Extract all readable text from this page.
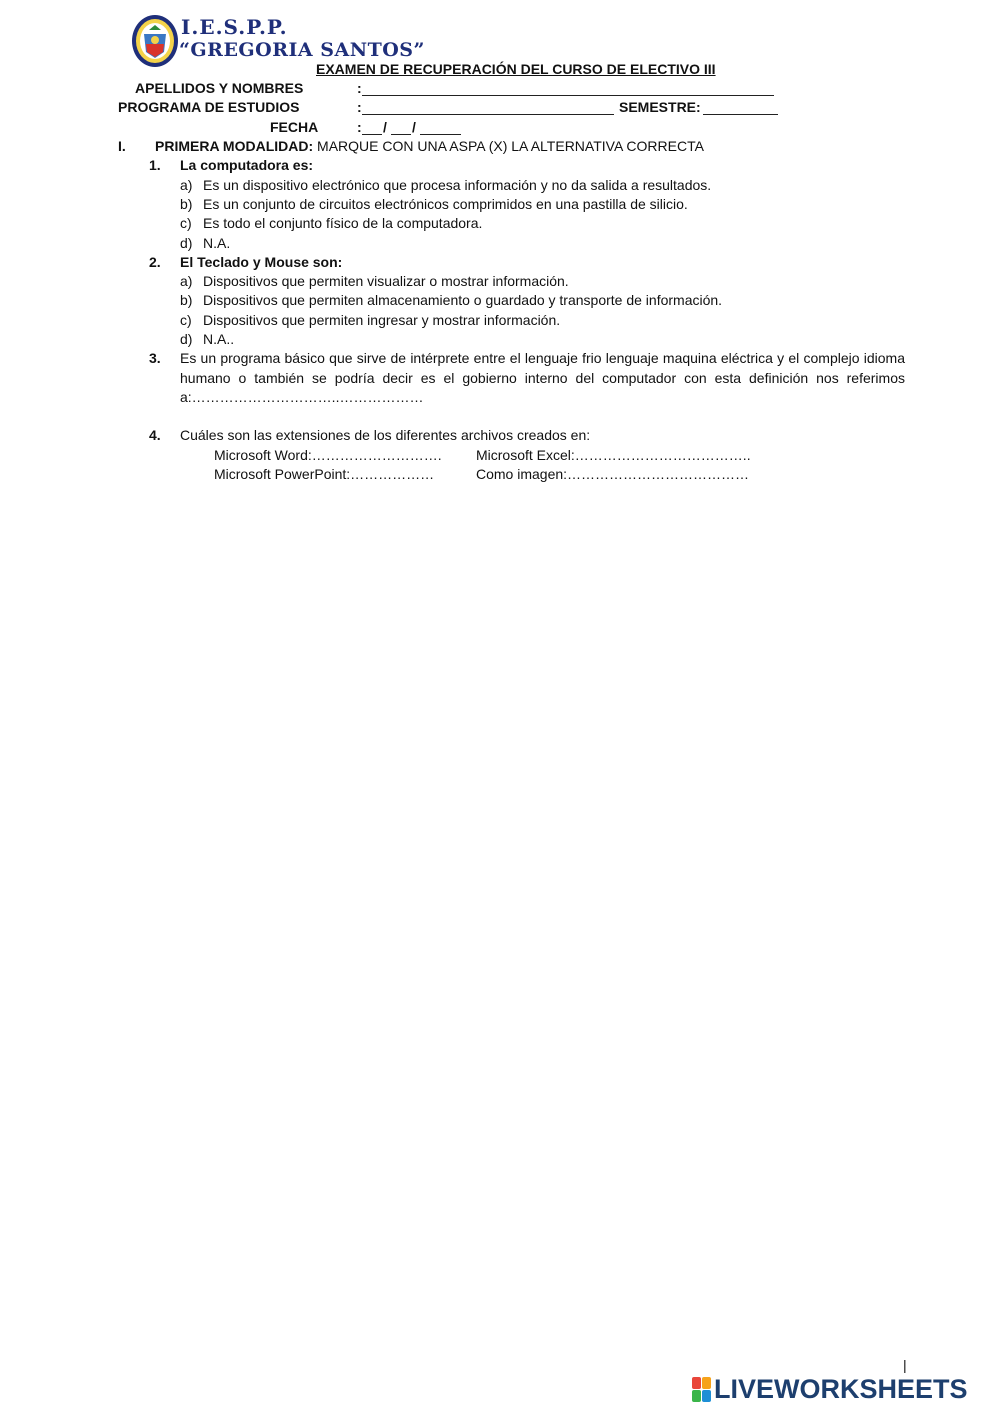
I.E.S.P.P.
“GREGORIA SANTOS”
EXAMEN DE RECUPERACIÓN DEL CURSO DE ELECTIVO III
APELLIDOS Y NOMBRES	:
PROGRAMA DE ESTUDIOS	:	SEMESTRE:
FECHA	: / /
I. PRIMERA MODALIDAD: MARQUE CON UNA ASPA (X) LA ALTERNATIVA CORRECTA
1. La computadora es:
a) Es un dispositivo electrónico que procesa información y no da salida a resultados.
b) Es un conjunto de circuitos electrónicos comprimidos en una pastilla de silicio.
c) Es todo el conjunto físico de la computadora.
d) N.A.
2. El Teclado y Mouse son:
a) Dispositivos que permiten visualizar o mostrar información.
b) Dispositivos que permiten almacenamiento o guardado y transporte de información.
c) Dispositivos que permiten ingresar y mostrar información.
d) N.A..
3. Es un programa básico que sirve de intérprete entre el lenguaje frio lenguaje maquina eléctrica y el complejo idioma humano o también se podría decir es el gobierno interno del computador con esta definición nos referimos a:…………………………..………………
4. Cuáles son las extensiones de los diferentes archivos creados en:
Microsoft Word:………………………. Microsoft Excel:………………………………..
Microsoft PowerPoint:………………	Como imagen:…………………………………
|
LIVEWORKSHEETS
